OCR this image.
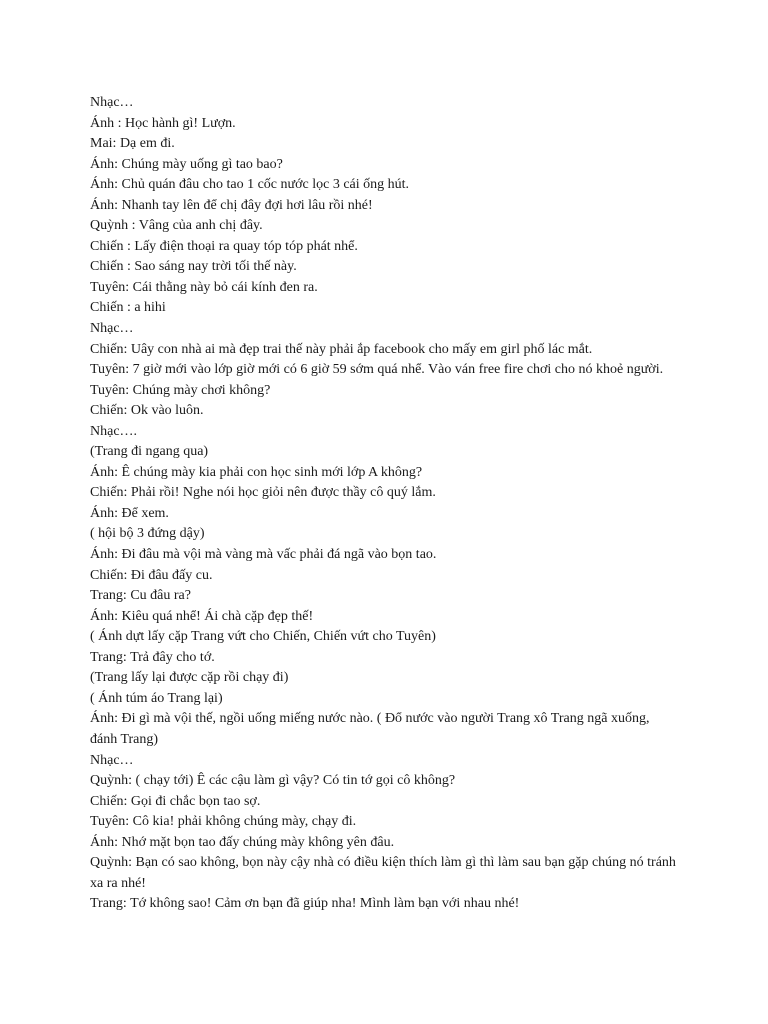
Nhạc…

Ánh : Học hành gì! Lượn.

Mai: Dạ em đi.

Ánh: Chúng mày uống gì tao bao?

Ánh: Chủ quán đâu cho tao 1 cốc nước lọc 3 cái ống hút.

Ánh: Nhanh tay lên để chị đây đợi hơi lâu rồi nhé!

Quỳnh : Vâng của anh chị đây.

Chiến : Lấy điện thoại ra quay tóp tóp phát nhể.

Chiến : Sao sáng nay trời tối thế này.

Tuyên: Cái thằng này bỏ cái kính đen ra.

Chiến : a hihi

Nhạc…

Chiến: Uây con nhà ai mà đẹp trai thế này phải ắp facebook cho mấy em girl phố lác mắt.

Tuyên: 7 giờ mới vào lớp giờ mới có 6 giờ 59 sớm quá nhể. Vào ván free fire chơi cho nó khoẻ người.

Tuyên: Chúng mày chơi không?

Chiến: Ok vào luôn.

Nhạc….

(Trang đi ngang qua)

Ánh: Ê chúng mày kia phải con học sinh mới lớp A không?

Chiến: Phải rồi! Nghe nói học giỏi nên được thầy cô quý lắm.

Ánh: Để xem.

( hội bộ 3 đứng dậy)

Ánh: Đi đâu mà vội mà vàng mà vấc phải đá ngã vào bọn tao.

Chiến: Đi đâu đấy cu.

Trang: Cu đâu ra?

Ánh: Kiêu quá nhể! Ái chà cặp đẹp thế!

( Ánh dựt lấy cặp Trang vứt cho Chiến, Chiến vứt cho Tuyên)

Trang: Trả đây cho tớ.

(Trang lấy lại được cặp rồi chạy đi)

( Ánh túm áo Trang lại)

Ánh: Đi gì mà vội thế, ngồi uống miếng nước nào. ( Đổ nước vào người Trang xô Trang ngã xuống, đánh Trang)

Nhạc…

Quỳnh: ( chạy tới) Ê các cậu làm gì vậy? Có tin tớ gọi cô không?

Chiến: Gọi đi chắc bọn tao sợ.

Tuyên: Cô kia! phải không chúng mày, chạy đi.

Ánh: Nhớ mặt bọn tao đấy chúng mày không yên đâu.

Quỳnh: Bạn có sao không, bọn này cậy nhà có điều kiện thích làm gì thì làm sau bạn gặp chúng nó tránh xa ra nhé!

Trang: Tớ không sao! Cảm ơn bạn đã giúp nha! Mình làm bạn với nhau nhé!
